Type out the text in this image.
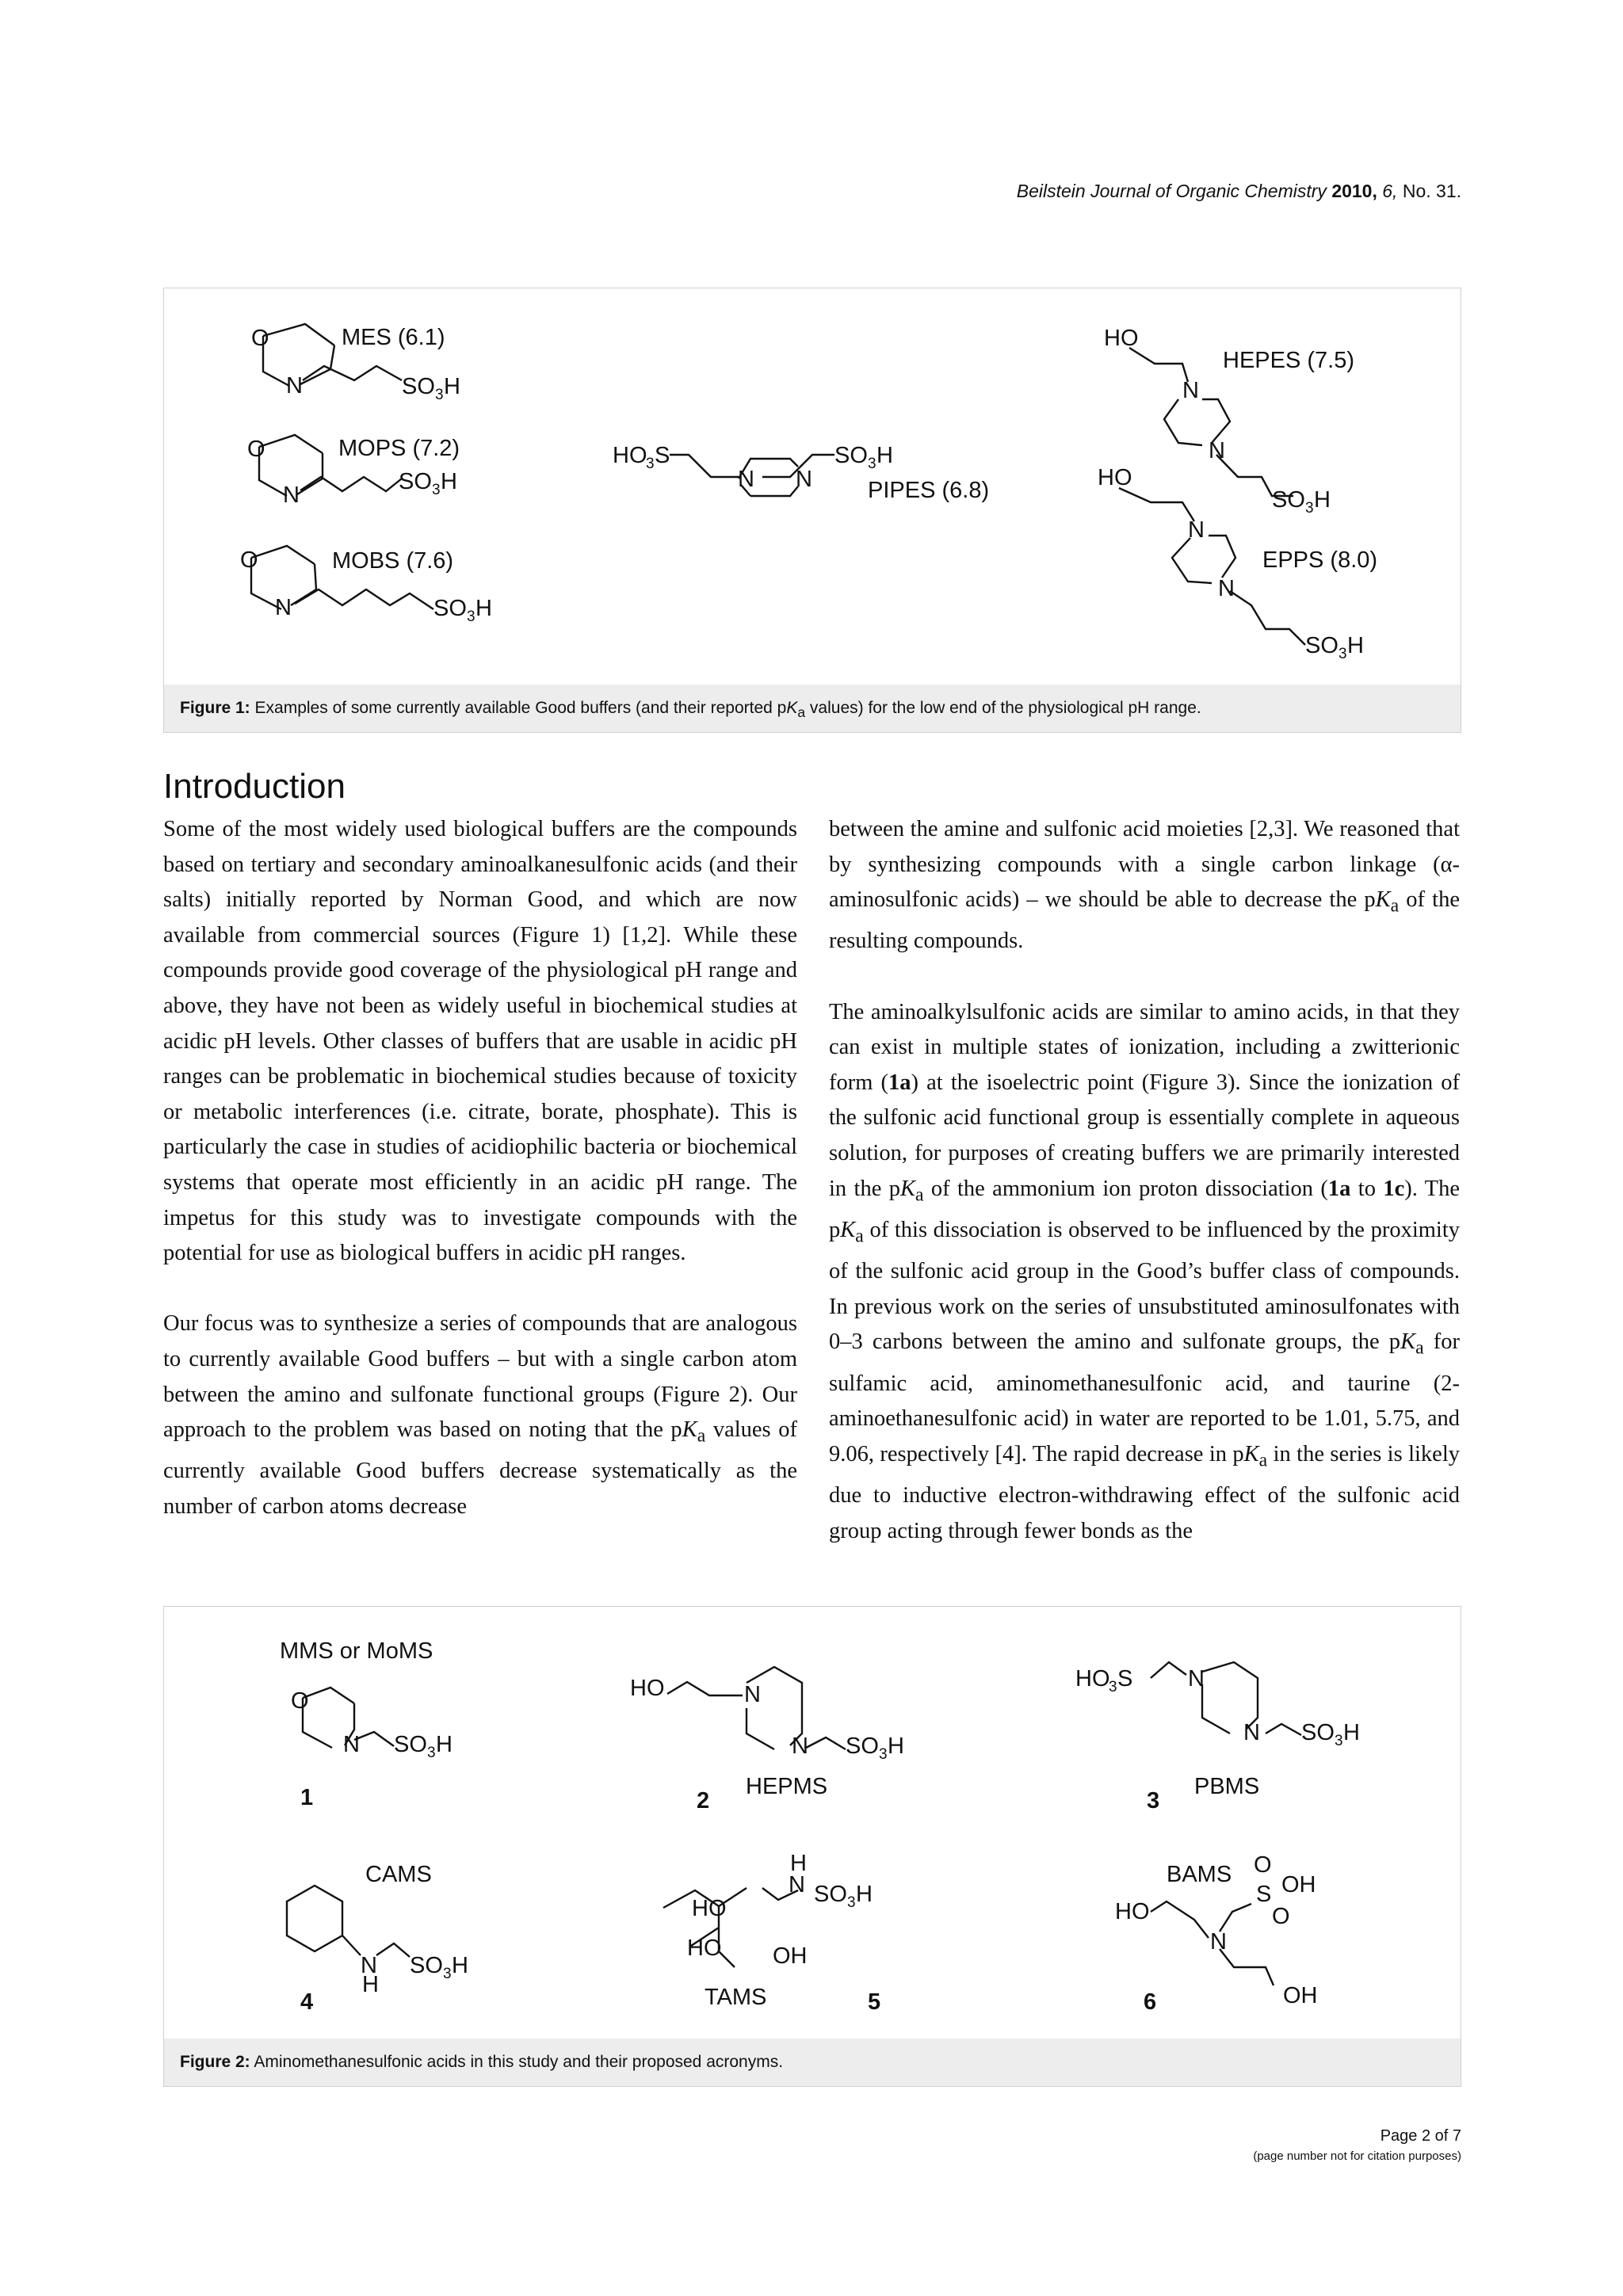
Beilstein Journal of Organic Chemistry 2010, 6, No. 31.
O
N
MES (6.1)
SO 3 H
O
N
MOPS (7.2)
SO 3 H
O
N
MOBS (7.6)
SO 3 H
HO
3 S
N N
SO 3 H
PIPES (6.8)
HO
N
N
HEPES (7.5)
SO 3 H
HO
N
N
EPPS (8.0)
SO 3 H
Figure 1: Examples of some currently available Good buffers (and their reported $pK_a$ values) for the low end of the physiological pH range.
Introduction

Some of the most widely used biological buffers are the compounds based on tertiary and secondary aminoalkanesulfonic acids (and their salts) initially reported by Norman Good, and which are now available from commercial sources (Figure 1) [1,2]. While these compounds provide good coverage of the physiological pH range and above, they have not been as widely useful in biochemical studies at acidic pH levels. Other classes of buffers that are usable in acidic pH ranges can be problematic in biochemical studies because of toxicity or metabolic interferences (i.e. citrate, borate, phosphate). This is particularly the case in studies of acidiophilic bacteria or biochemical systems that operate most efficiently in an acidic pH range. The impetus for this study was to investigate compounds with the potential for use as biological buffers in acidic pH ranges.

Our focus was to synthesize a series of compounds that are analogous to currently available Good buffers – but with a single carbon atom between the amino and sulfonate functional groups (Figure 2). Our approach to the problem was based on noting that the $pK_a$ values of currently available Good buffers decrease systematically as the number of carbon atoms decrease

between the amine and sulfonic acid moieties [2,3]. We reasoned that by synthesizing compounds with a single carbon linkage (α-aminosulfonic acids) – we should be able to decrease the $pK_a$ of the resulting compounds.

The aminoalkylsulfonic acids are similar to amino acids, in that they can exist in multiple states of ionization, including a zwitterionic form (1a) at the isoelectric point (Figure 3). Since the ionization of the sulfonic acid functional group is essentially complete in aqueous solution, for purposes of creating buffers we are primarily interested in the $pK_a$ of the ammonium ion proton dissociation (1a to 1c). The $pK_a$ of this dissociation is observed to be influenced by the proximity of the sulfonic acid group in the Good’s buffer class of compounds. In previous work on the series of unsubstituted aminosulfonates with 0–3 carbons between the amino and sulfonate groups, the $pK_a$ for sulfamic acid, aminomethanesulfonic acid, and taurine (2-aminoethanesulfonic acid) in water are reported to be 1.01, 5.75, and 9.06, respectively [4]. The rapid decrease in $pK_a$ in the series is likely due to inductive electron-withdrawing effect of the sulfonic acid group acting through fewer bonds as the

MMS or MoMS
O
N SO 3 H
1
HO	N
N SO 3 H
HEPMS
2
HO
3 S N
N SO 3 H
PBMS
3
CAMS
N
H
SO 3 H
4
H
N SO 3 H
HO
HO OH
TAMS	5
BAMS O
S OH
O
HO
N
OH
6
Figure 2: Aminomethanesulfonic acids in this study and their proposed acronyms.
Page 2 of 7
(page number not for citation purposes)
